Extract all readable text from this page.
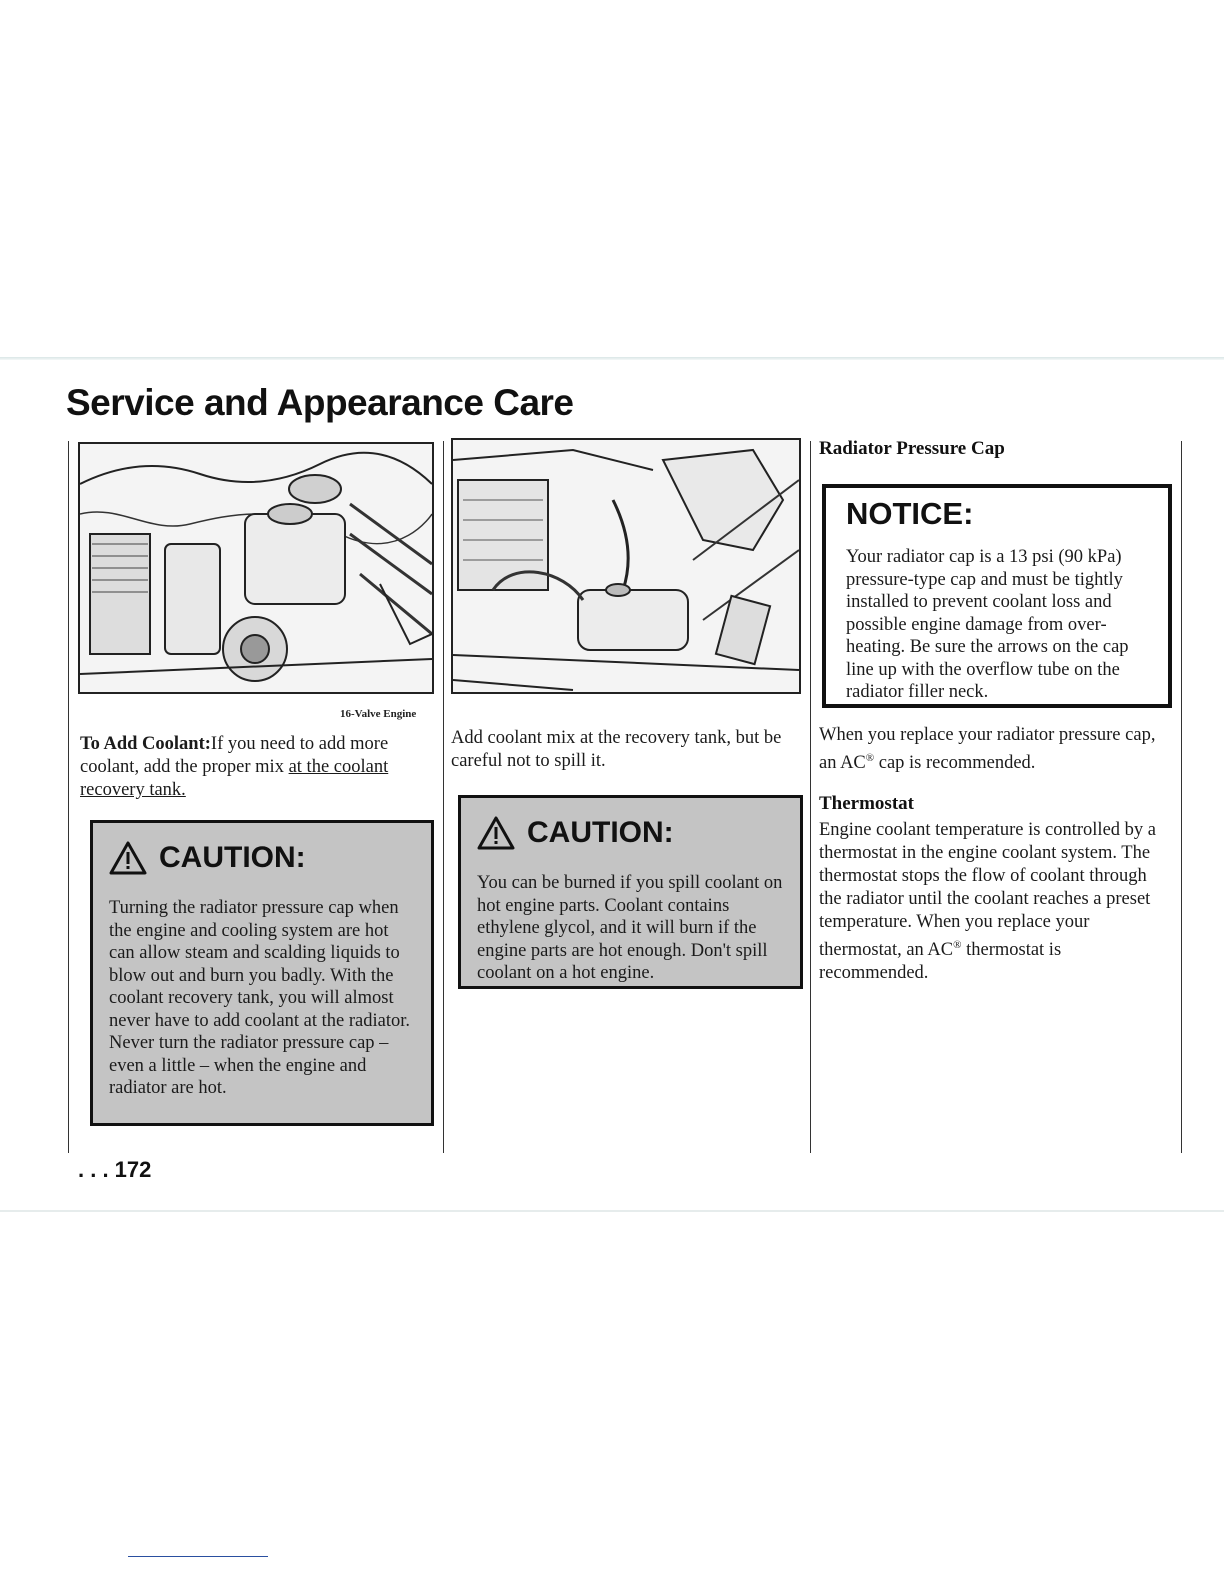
Service and Appearance Care
16-Valve Engine
To Add Coolant:If you need to add more coolant, add the proper mix at the coolant recovery tank.
CAUTION:
Turning the radiator pressure cap when the engine and cooling system are hot can allow steam and scalding liquids to blow out and burn you badly. With the coolant recovery tank, you will almost never have to add coolant at the radiator. Never turn the radiator pressure cap – even a little – when the engine and radiator are hot.
Add coolant mix at the recovery tank, but be careful not to spill it.
CAUTION:
You can be burned if you spill coolant on hot engine parts. Coolant contains ethylene glycol, and it will burn if the engine parts are hot enough. Don't spill coolant on a hot engine.
Radiator Pressure Cap
NOTICE:
Your radiator cap is a 13 psi (90 kPa) pressure-type cap and must be tightly installed to prevent coolant loss and possible engine damage from over-heating. Be sure the arrows on the cap line up with the overflow tube on the radiator filler neck.
When you replace your radiator pressure cap, an AC® cap is recommended.
Thermostat
Engine coolant temperature is controlled by a thermostat in the engine coolant system. The thermostat stops the flow of coolant through the radiator until the coolant reaches a preset temperature. When you replace your thermostat, an AC® thermostat is recommended.
. . . 172
